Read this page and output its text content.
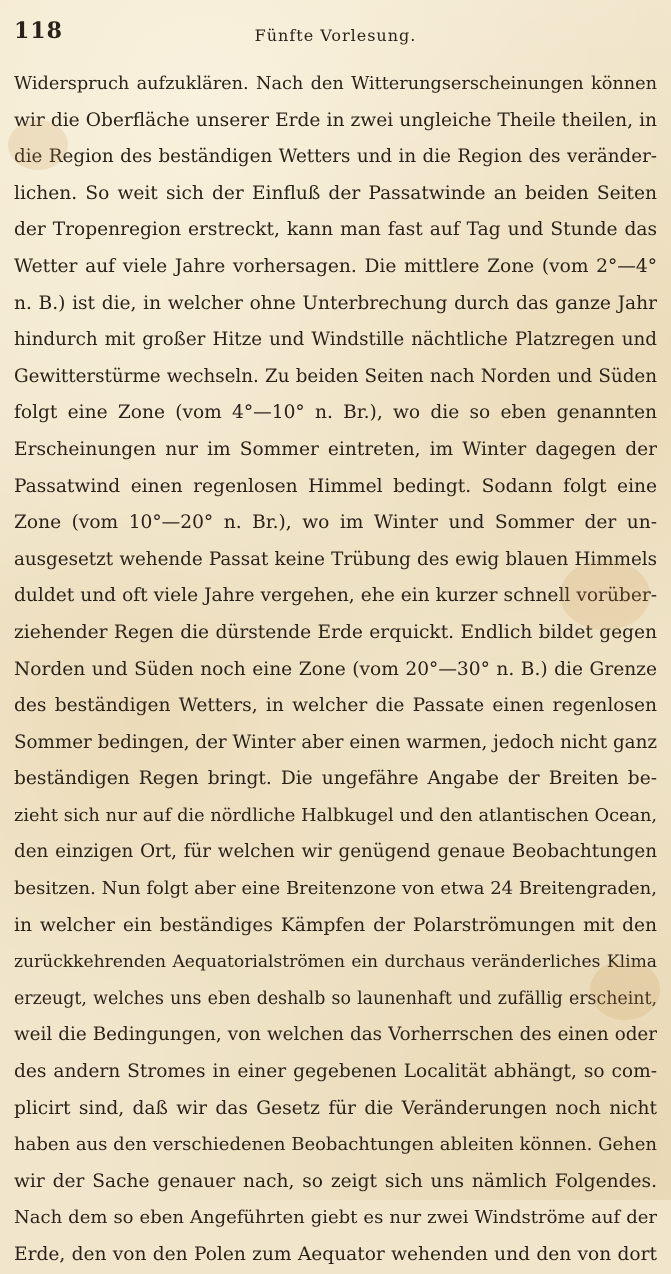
118	Fünfte Vorlesung.
Widerspruch aufzuklären. Nach den Witterungserscheinungen können
wir die Oberfläche unserer Erde in zwei ungleiche Theile theilen, in
die Region des beständigen Wetters und in die Region des veränder-
lichen. So weit sich der Einfluß der Passatwinde an beiden Seiten
der Tropenregion erstreckt, kann man fast auf Tag und Stunde das
Wetter auf viele Jahre vorhersagen. Die mittlere Zone (vom 2°—4°
n. B.) ist die, in welcher ohne Unterbrechung durch das ganze Jahr
hindurch mit großer Hitze und Windstille nächtliche Platzregen und
Gewitterstürme wechseln. Zu beiden Seiten nach Norden und Süden
folgt eine Zone (vom 4°—10° n. Br.), wo die so eben genannten
Erscheinungen nur im Sommer eintreten, im Winter dagegen der
Passatwind einen regenlosen Himmel bedingt. Sodann folgt eine
Zone (vom 10°—20° n. Br.), wo im Winter und Sommer der un-
ausgesetzt wehende Passat keine Trübung des ewig blauen Himmels
duldet und oft viele Jahre vergehen, ehe ein kurzer schnell vorüber-
ziehender Regen die dürstende Erde erquickt. Endlich bildet gegen
Norden und Süden noch eine Zone (vom 20°—30° n. B.) die Grenze
des beständigen Wetters, in welcher die Passate einen regenlosen
Sommer bedingen, der Winter aber einen warmen, jedoch nicht ganz
beständigen Regen bringt. Die ungefähre Angabe der Breiten be-
zieht sich nur auf die nördliche Halbkugel und den atlantischen Ocean,
den einzigen Ort, für welchen wir genügend genaue Beobachtungen
besitzen. Nun folgt aber eine Breitenzone von etwa 24 Breitengraden,
in welcher ein beständiges Kämpfen der Polarströmungen mit den
zurückkehrenden Aequatorialströmen ein durchaus veränderliches Klima
erzeugt, welches uns eben deshalb so launenhaft und zufällig erscheint,
weil die Bedingungen, von welchen das Vorherrschen des einen oder
des andern Stromes in einer gegebenen Localität abhängt, so com-
plicirt sind, daß wir das Gesetz für die Veränderungen noch nicht
haben aus den verschiedenen Beobachtungen ableiten können. Gehen
wir der Sache genauer nach, so zeigt sich uns nämlich Folgendes.
Nach dem so eben Angeführten giebt es nur zwei Windströme auf der
Erde, den von den Polen zum Aequator wehenden und den von dort
